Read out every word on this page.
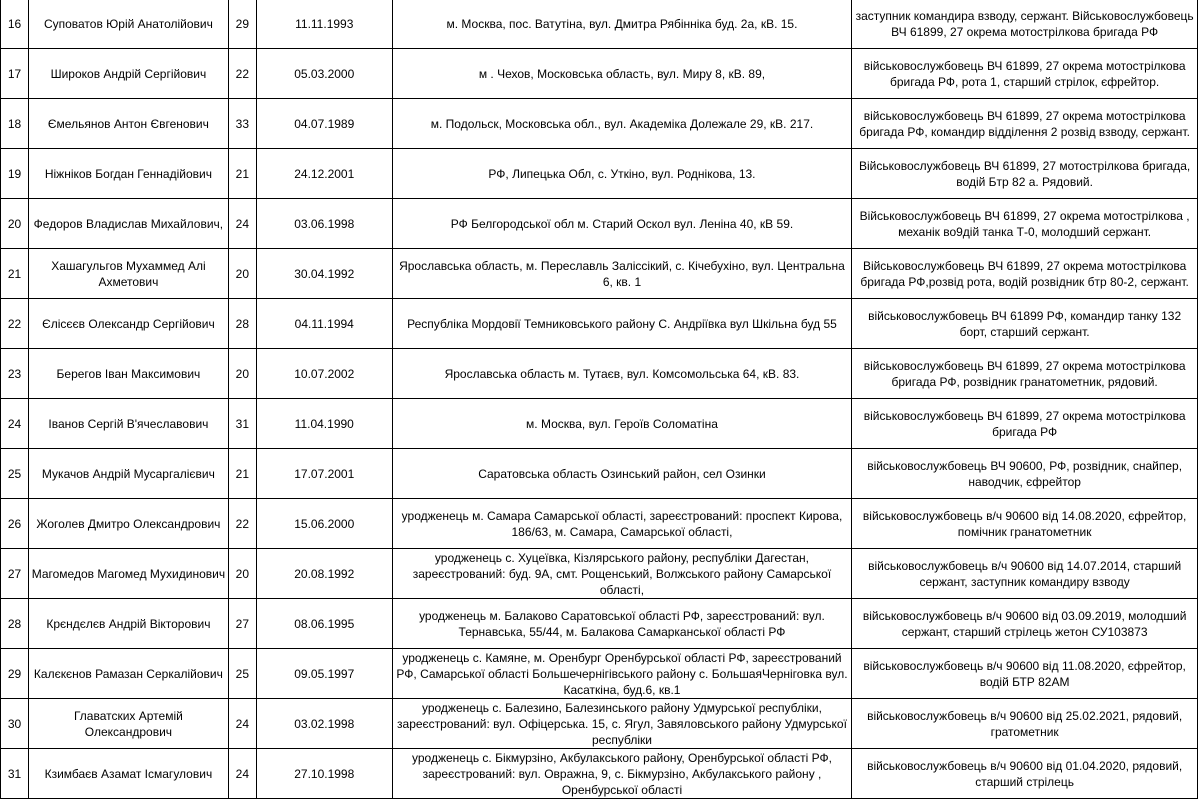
16	Суповатов Юрій Анатолійович	29	11.11.1993	м. Москва, пос. Ватутіна, вул. Дмитра Рябінніка буд. 2а, кВ. 15.	заступник командира взводу, сержант. Військовослужбовець ВЧ 61899, 27 окрема мотострілкова бригада РФ
17	Широков Андрій Сергійович	22	05.03.2000	м . Чехов, Московська область, вул. Миру 8, кВ. 89,	військовослужбовець ВЧ 61899, 27 окрема мотострілкова бригада РФ, рота 1, старший стрілок, єфрейтор.
18	Ємельянов Антон Євгенович	33	04.07.1989	м. Подольск, Московська обл., вул. Академіка Долежале 29, кВ. 217.	військовослужбовець ВЧ 61899, 27 окрема мотострілкова бригада РФ, командир відділення 2 розвід взводу, сержант.
19	Ніжніков Богдан Геннадійович	21	24.12.2001	РФ, Липецька Обл, с. Уткіно, вул. Роднікова, 13.	Військовослужбовець ВЧ 61899, 27 мотострілкова бригада, водій Бтр 82 а. Рядовий.
20	Федоров Владислав Михайлович,	24	03.06.1998	РФ Белгородської обл м. Старий Оскол вул. Леніна 40, кВ 59.	Військовослужбовець ВЧ 61899, 27 окрема мотострілкова , механік во9дій танка Т-0, молодший сержант.
21	Хашагульгов Мухаммед Алі Ахметович	20	30.04.1992	Ярославська область, м. Переславль Заліссікий, с. Кічебухіно, вул. Центральна 6, кв. 1	Військовослужбовець ВЧ 61899, 27 окрема мотострілкова бригада РФ,розвід рота, водій розвідник бтр 80-2, сержант.
22	Єлісєєв Олександр Сергійович	28	04.11.1994	Республіка Мордовії Темниковського району С. Андріївка вул Шкільна буд 55	військовослужбовець ВЧ 61899 РФ, командир танку 132 борт, старший сержант.
23	Берегов Іван Максимович	20	10.07.2002	Ярославська область м. Тутаєв, вул. Комсомольська 64, кВ. 83.	військовослужбовець ВЧ 61899, 27 окрема мотострілкова бригада РФ, розвідник гранатометник, рядовий.
24	Іванов Сергій В'ячеславович	31	11.04.1990	м. Москва, вул. Героїв Соломатіна	військовослужбовець ВЧ 61899, 27 окрема мотострілкова бригада РФ
25	Мукачов Андрій Мусаргалієвич	21	17.07.2001	Саратовська область Озинський район, сел Озинки	військовослужбовець ВЧ 90600, РФ, розвідник, снайпер, наводчик, єфрейтор
26	Жоголев Дмитро Олександрович	22	15.06.2000	уродженець м. Самара Самарської області, зареєстрований: проспект Кирова, 186/63, м. Самара, Самарської області,	військовослужбовець в/ч 90600 від 14.08.2020, єфрейтор, помічник гранатометник
27	Магомедов Магомед Мухидинович	20	20.08.1992	уродженець с. Хуцеївка, Кізлярського району, республіки Дагестан, зареєстрований: буд. 9А, смт. Рощенський, Волжського району Самарської області,	військовослужбовець в/ч 90600 від 14.07.2014, старший сержант, заступник командиру взводу
28	Крєндєлєв Андрій Вікторович	27	08.06.1995	уродженець м. Балаково Саратовської області РФ, зареєстрований: вул. Тернавська, 55/44, м. Балакова Самарканської області РФ	військовослужбовець в/ч 90600 від 03.09.2019, молодший сержант, старший стрілець жетон СУ103873
29	Калєкєнов Рамазан Серкалійович	25	09.05.1997	уродженець с. Камяне, м. Оренбург Оренбурської області РФ, зареєстрований РФ, Самарської області Большечернігівського району с. БольшаяЧерніговка вул. Касаткіна, буд.6, кв.1	військовослужбовець в/ч 90600 від 11.08.2020, єфрейтор, водій БТР 82АМ
30	Главатских Артемій Олександрович	24	03.02.1998	уродженець с. Балезино, Балезинського району Удмурської республіки, зареєстрований: вул. Офіцерська. 15, с. Ягул, Завяловського району Удмурської республіки	військовослужбовець в/ч 90600 від 25.02.2021, рядовий, гратометник
31	Кзимбаєв Азамат Ісмагулович	24	27.10.1998	уродженець с. Бікмурзіно, Акбулакського району, Оренбурської області РФ, зареєстрований: вул. Овражна, 9, с. Бікмурзіно, Акбулакського району , Оренбурської області	військовослужбовець в/ч 90600 від 01.04.2020, рядовий, старший стрілець
